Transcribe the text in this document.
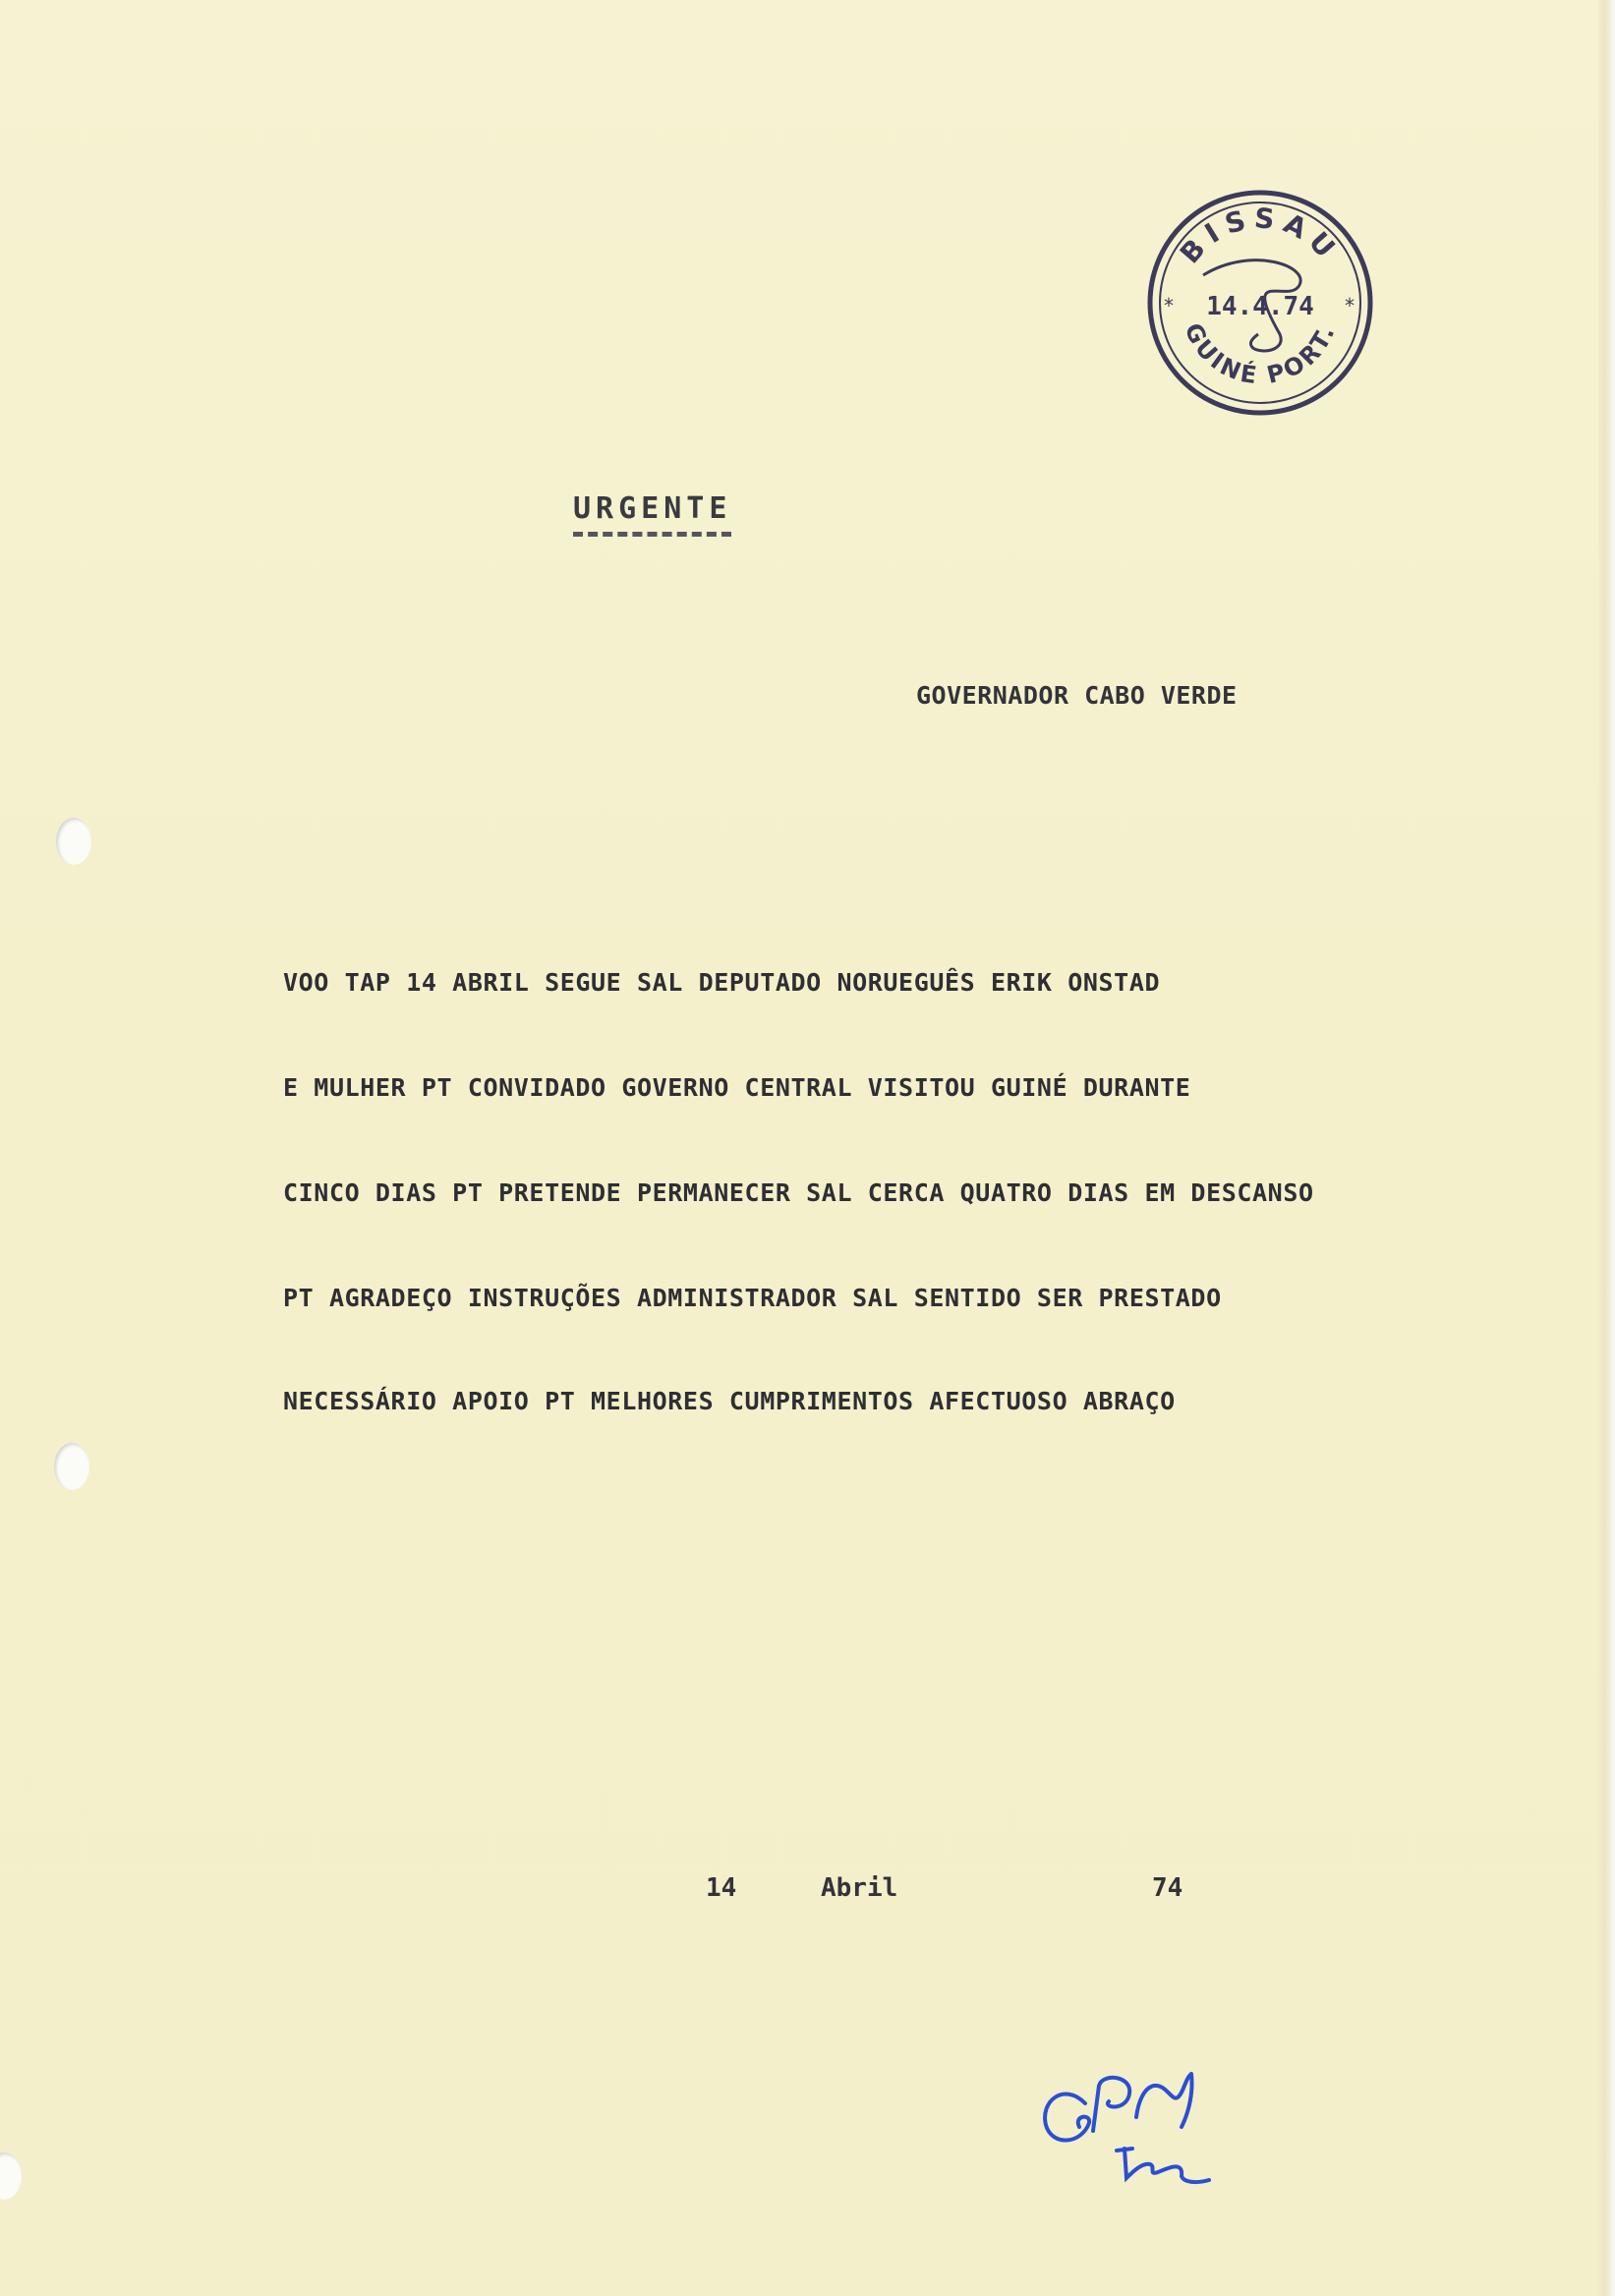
BISSAU
GUINÉ PORT.
*	*
14.4.74
URGENTE
GOVERNADOR CABO VERDE
VOO TAP 14 ABRIL SEGUE SAL DEPUTADO NORUEGUÊS ERIK ONSTAD
E MULHER PT CONVIDADO GOVERNO CENTRAL VISITOU GUINÉ DURANTE
CINCO DIAS PT PRETENDE PERMANECER SAL CERCA QUATRO DIAS EM DESCANSO
PT AGRADEÇO INSTRUÇÕES ADMINISTRADOR SAL SENTIDO SER PRESTADO
NECESSÁRIO APOIO PT MELHORES CUMPRIMENTOS AFECTUOSO ABRAÇO
14	Abril	74
